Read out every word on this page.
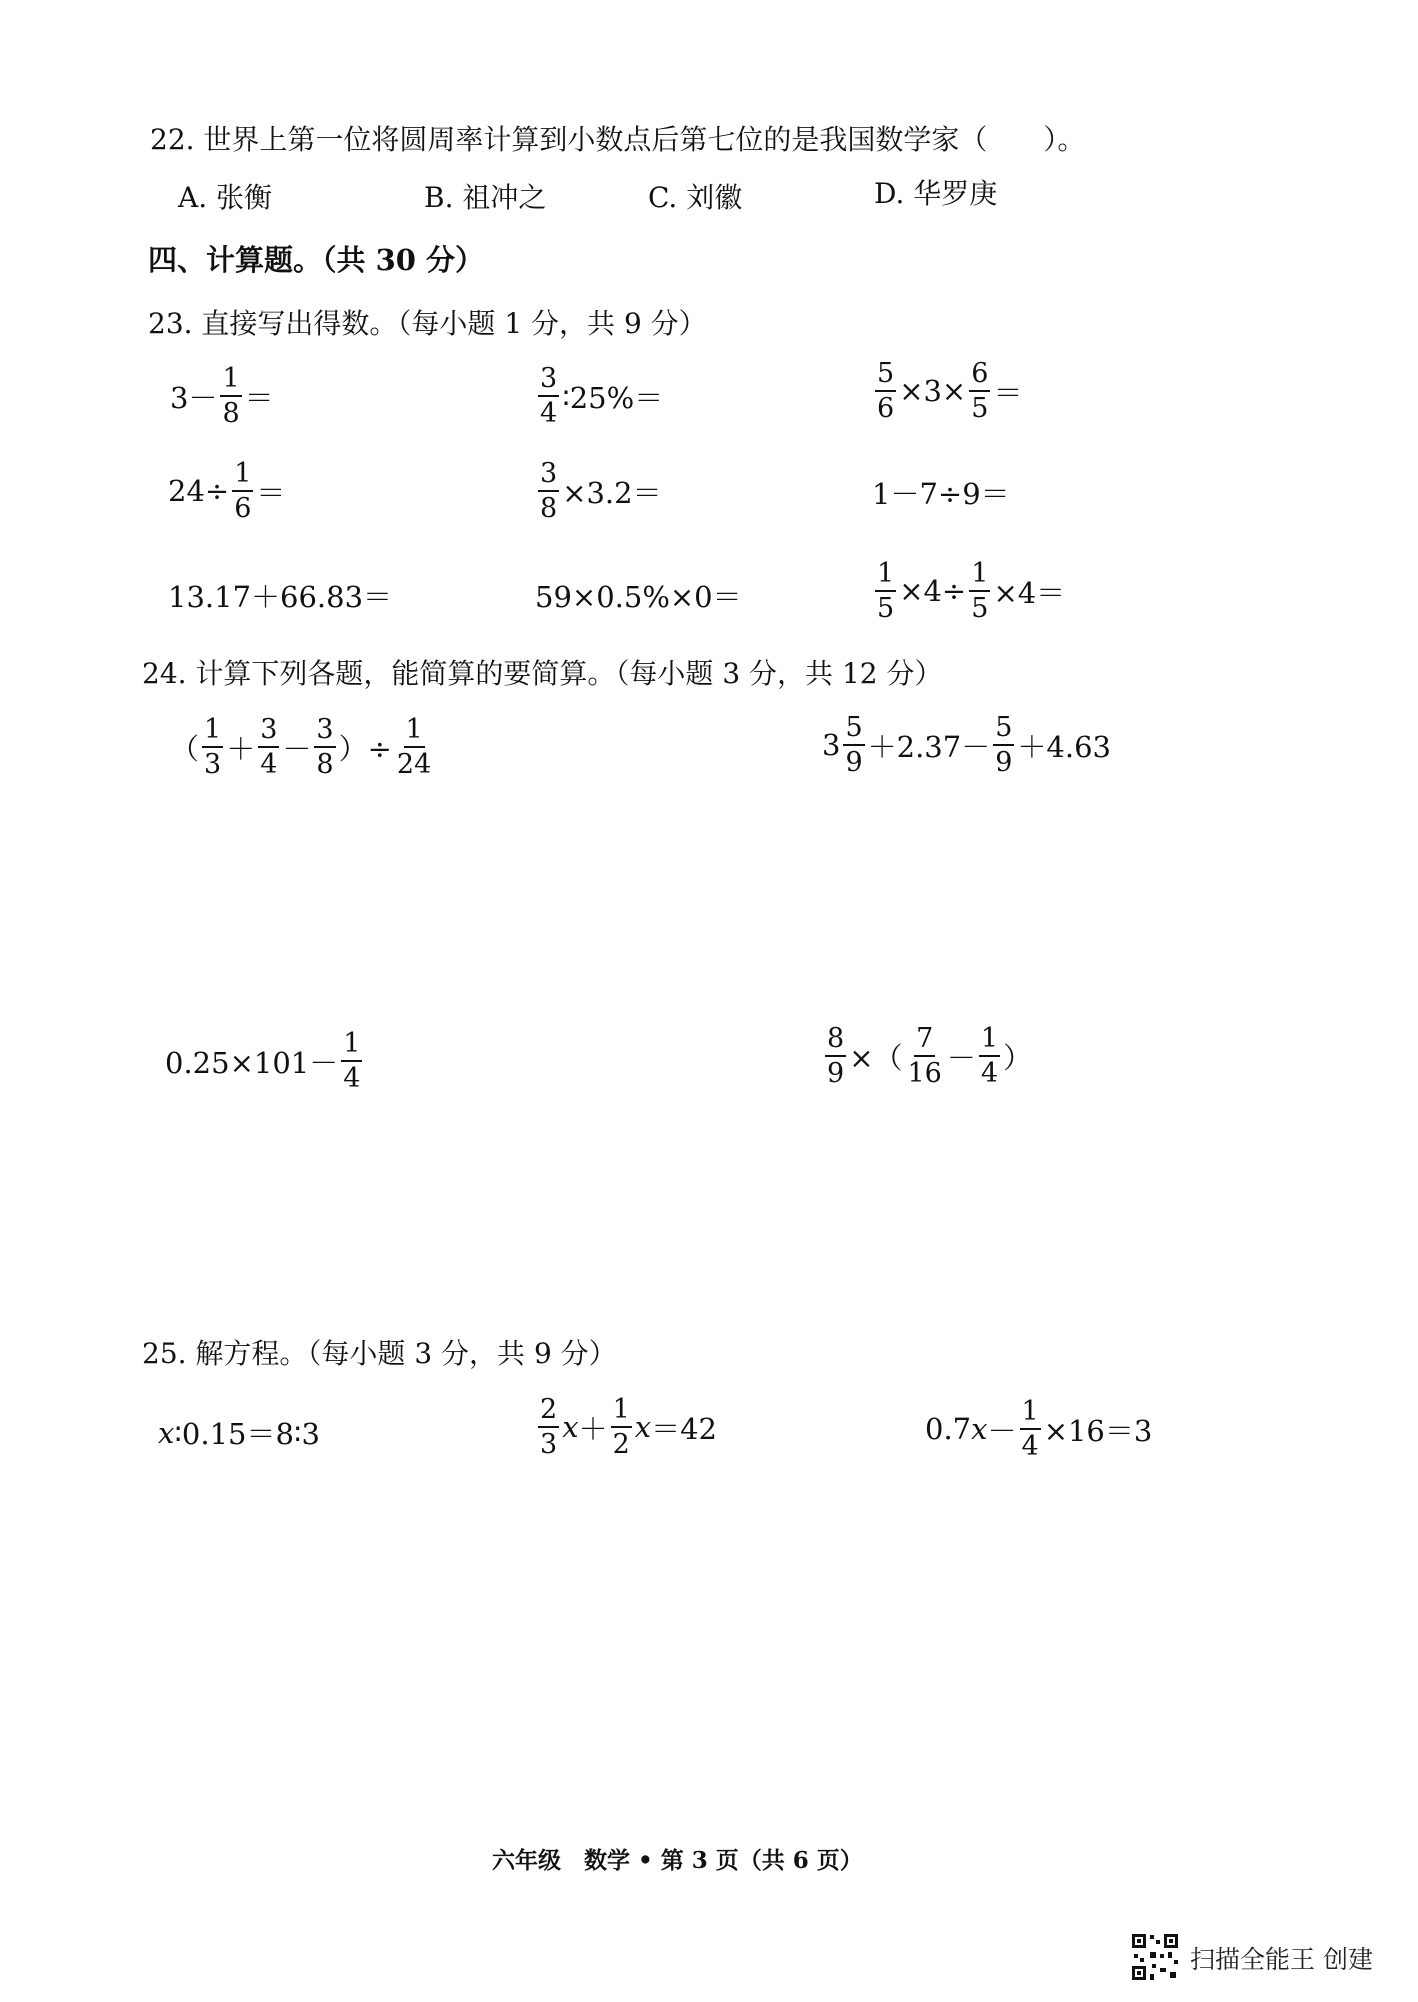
22. 世界上第一位将圆周率计算到小数点后第七位的是我国数学家（　　）。
A. 张衡	B. 祖冲之	C. 刘徽	D. 华罗庚
四、计算题。（共 30 分）
23. 直接写出得数。（每小题 1 分，共 9 分）
$3- \frac{1}{8}$ ＝	$\frac{3}{4}$ ∶25%＝	$\frac{5}{6} \times 3\times \frac{6}{5}$ ＝
$24\div \frac{1}{6}$ ＝	$\frac{3}{8} \times 3.2=$	1－7÷9＝
13.17＋66.83＝	59×0.5%×0＝	$\frac{1}{5} \times 4\div \frac{1}{5} \times 4=$
24. 计算下列各题，能简算的要简算。（每小题 3 分，共 12 分）
（ $\frac{1}{3} + \frac{3}{4} - \frac{3}{8}$ ）÷ $\frac{1}{24}$	$3 \frac{5}{9} +2.37- \frac{5}{9} +4.63$
$0.25\times 101- \frac{1}{4}$	$\frac{8}{9}$ ×（ $\frac{7}{16} - \frac{1}{4}$ ）
25. 解方程。（每小题 3 分，共 9 分）
x ∶0.15＝8∶3	$\frac{2}{3}$ $x + \frac{1}{2}$ x ＝42	0.7 $x - \frac{1}{4} \times 16=3$
六年级　数学 • 第 3 页（共 6 页）
扫描全能王 创建
